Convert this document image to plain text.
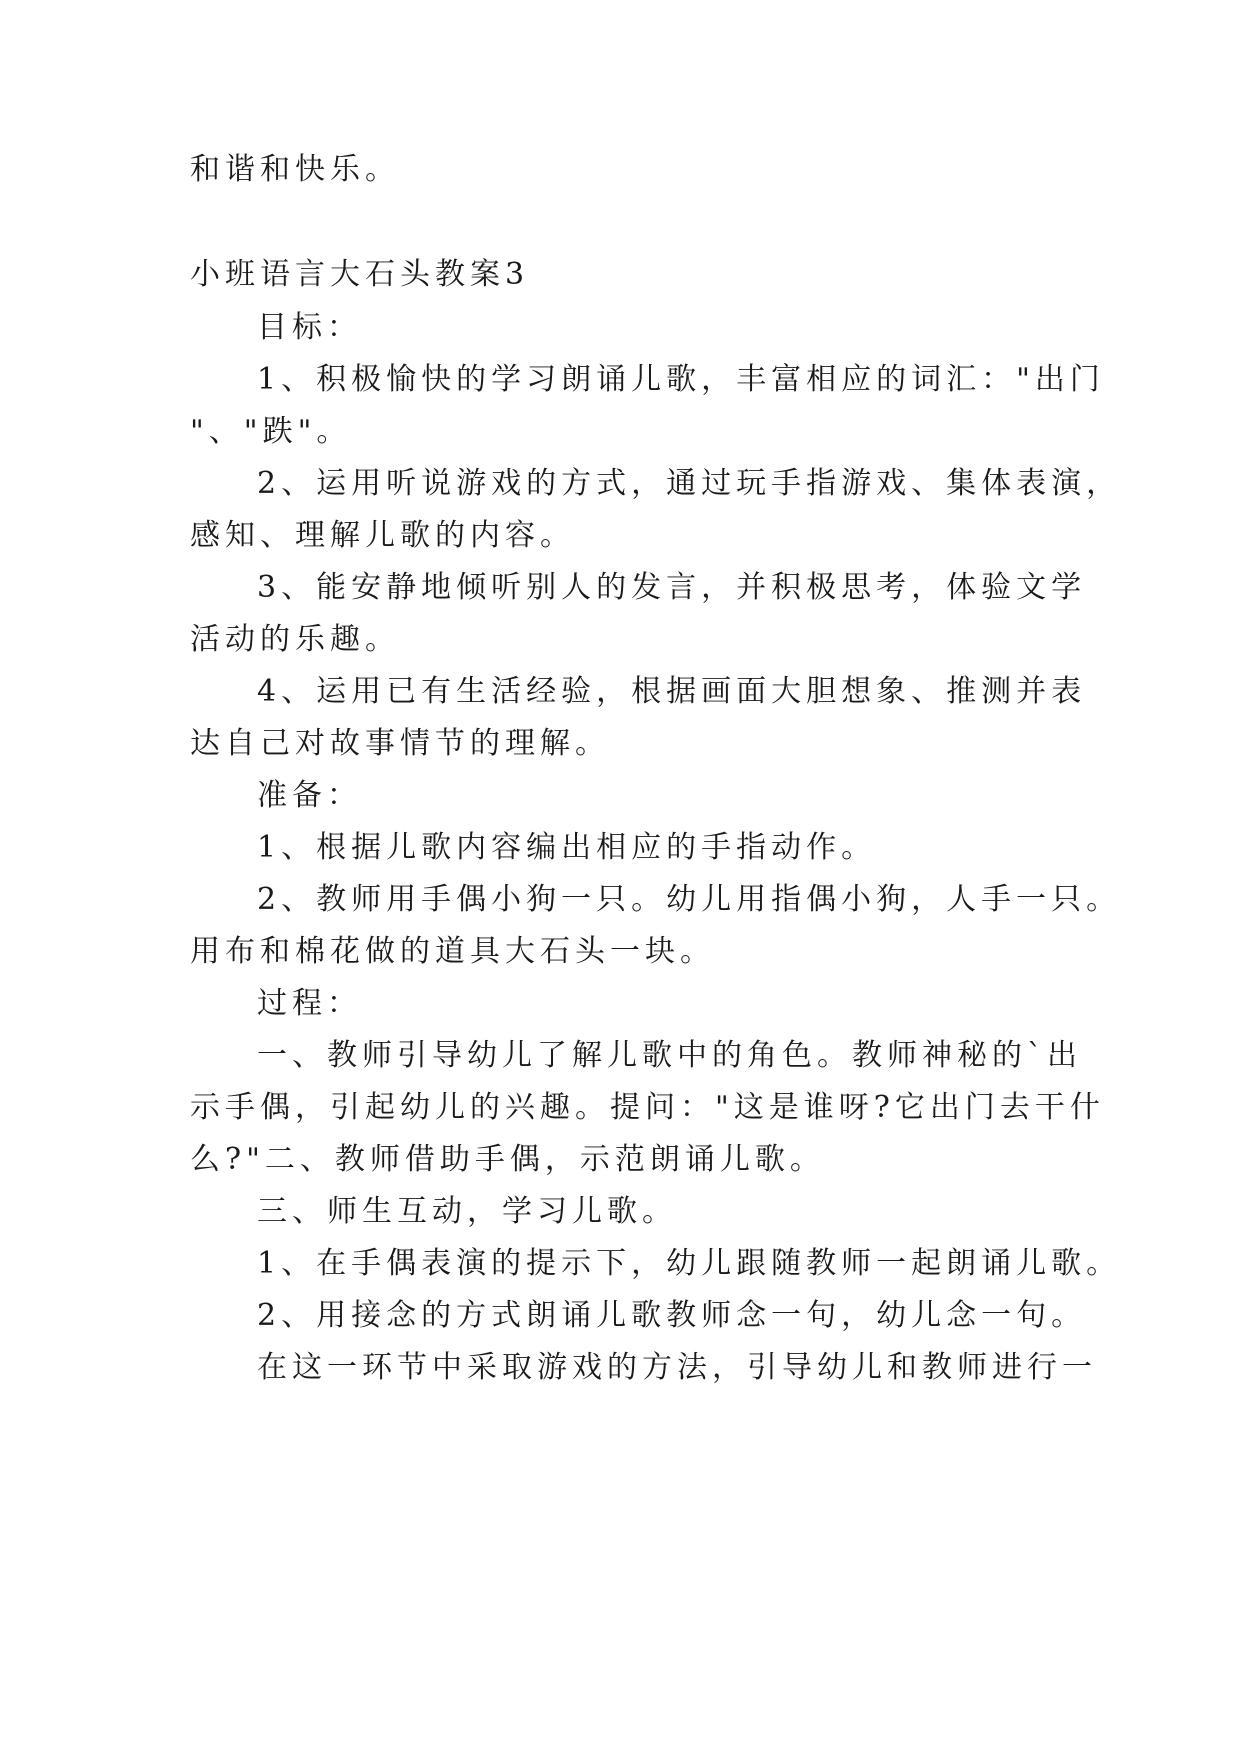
和谐和快乐。
小班语言大石头教案3
目标：
1、积极愉快的学习朗诵儿歌，丰富相应的词汇："出门
"、"跌"。
2、运用听说游戏的方式，通过玩手指游戏、集体表演，
感知、理解儿歌的内容。
3、能安静地倾听别人的发言，并积极思考，体验文学
活动的乐趣。
4、运用已有生活经验，根据画面大胆想象、推测并表
达自己对故事情节的理解。
准备：
1、根据儿歌内容编出相应的手指动作。
2、教师用手偶小狗一只。幼儿用指偶小狗，人手一只。
用布和棉花做的道具大石头一块。
过程：
一、教师引导幼儿了解儿歌中的角色。教师神秘的`出
示手偶，引起幼儿的兴趣。提问："这是谁呀?它出门去干什
么?"二、教师借助手偶，示范朗诵儿歌。
三、师生互动，学习儿歌。
1、在手偶表演的提示下，幼儿跟随教师一起朗诵儿歌。
2、用接念的方式朗诵儿歌教师念一句，幼儿念一句。
在这一环节中采取游戏的方法，引导幼儿和教师进行一
